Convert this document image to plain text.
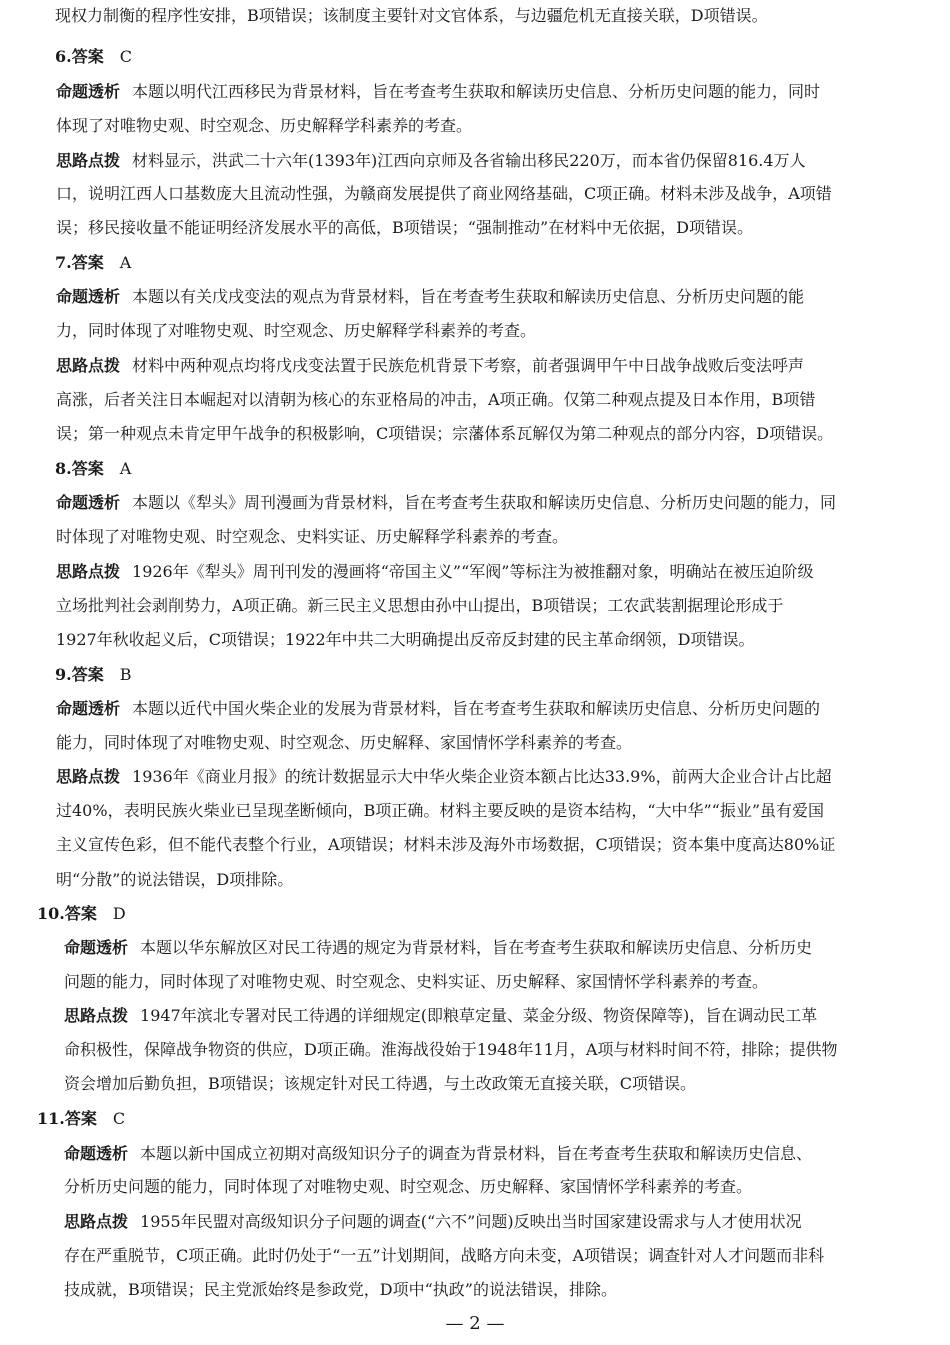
现权力制衡的程序性安排，B项错误；该制度主要针对文官体系，与边疆危机无直接关联，D项错误。
6.答案 C
命题透析 本题以明代江西移民为背景材料，旨在考查考生获取和解读历史信息、分析历史问题的能力，同时
体现了对唯物史观、时空观念、历史解释学科素养的考查。
思路点拨 材料显示，洪武二十六年(1393年)江西向京师及各省输出移民220万，而本省仍保留816.4万人
口，说明江西人口基数庞大且流动性强，为赣商发展提供了商业网络基础，C项正确。材料未涉及战争，A项错
误；移民接收量不能证明经济发展水平的高低，B项错误；“强制推动”在材料中无依据，D项错误。
7.答案 A
命题透析 本题以有关戊戌变法的观点为背景材料，旨在考查考生获取和解读历史信息、分析历史问题的能
力，同时体现了对唯物史观、时空观念、历史解释学科素养的考查。
思路点拨 材料中两种观点均将戊戌变法置于民族危机背景下考察，前者强调甲午中日战争战败后变法呼声
高涨，后者关注日本崛起对以清朝为核心的东亚格局的冲击，A项正确。仅第二种观点提及日本作用，B项错
误；第一种观点未肯定甲午战争的积极影响，C项错误；宗藩体系瓦解仅为第二种观点的部分内容，D项错误。
8.答案 A
命题透析 本题以《犁头》周刊漫画为背景材料，旨在考查考生获取和解读历史信息、分析历史问题的能力，同
时体现了对唯物史观、时空观念、史料实证、历史解释学科素养的考查。
思路点拨 1926年《犁头》周刊刊发的漫画将“帝国主义”“军阀”等标注为被推翻对象，明确站在被压迫阶级
立场批判社会剥削势力，A项正确。新三民主义思想由孙中山提出，B项错误；工农武装割据理论形成于
1927年秋收起义后，C项错误；1922年中共二大明确提出反帝反封建的民主革命纲领，D项错误。
9.答案 B
命题透析 本题以近代中国火柴企业的发展为背景材料，旨在考查考生获取和解读历史信息、分析历史问题的
能力，同时体现了对唯物史观、时空观念、历史解释、家国情怀学科素养的考查。
思路点拨 1936年《商业月报》的统计数据显示大中华火柴企业资本额占比达33.9%，前两大企业合计占比超
过40%，表明民族火柴业已呈现垄断倾向，B项正确。材料主要反映的是资本结构，“大中华”“振业”虽有爱国
主义宣传色彩，但不能代表整个行业，A项错误；材料未涉及海外市场数据，C项错误；资本集中度高达80%证
明“分散”的说法错误，D项排除。
10.答案 D
命题透析 本题以华东解放区对民工待遇的规定为背景材料，旨在考查考生获取和解读历史信息、分析历史
问题的能力，同时体现了对唯物史观、时空观念、史料实证、历史解释、家国情怀学科素养的考查。
思路点拨 1947年滨北专署对民工待遇的详细规定(即粮草定量、菜金分级、物资保障等)，旨在调动民工革
命积极性，保障战争物资的供应，D项正确。淮海战役始于1948年11月，A项与材料时间不符，排除；提供物
资会增加后勤负担，B项错误；该规定针对民工待遇，与土改政策无直接关联，C项错误。
11.答案 C
命题透析 本题以新中国成立初期对高级知识分子的调查为背景材料，旨在考查考生获取和解读历史信息、
分析历史问题的能力，同时体现了对唯物史观、时空观念、历史解释、家国情怀学科素养的考查。
思路点拨 1955年民盟对高级知识分子问题的调查(“六不”问题)反映出当时国家建设需求与人才使用状况
存在严重脱节，C项正确。此时仍处于“一五”计划期间，战略方向未变，A项错误；调查针对人才问题而非科
技成就，B项错误；民主党派始终是参政党，D项中“执政”的说法错误，排除。
— 2 —
